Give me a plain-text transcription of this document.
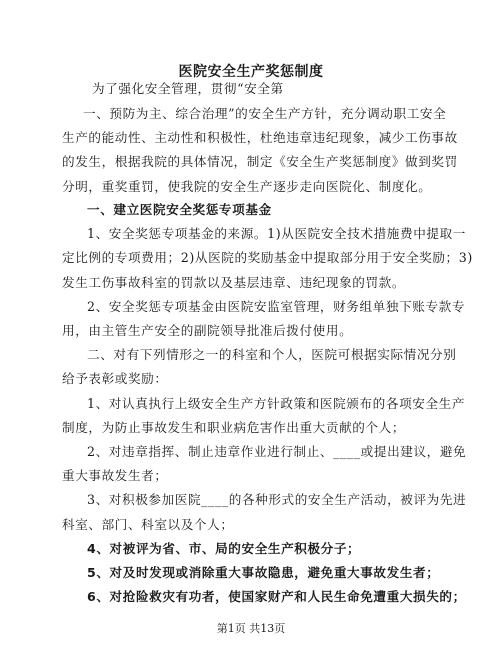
医院安全生产奖惩制度
为了强化安全管理，贯彻“安全第
一、预防为主、综合治理”的安全生产方针，充分调动职工安全
生产的能动性、主动性和积极性，杜绝违章违纪现象，减少工伤事故
的发生，根据我院的具体情况，制定《安全生产奖惩制度》做到奖罚
分明，重奖重罚，使我院的安全生产逐步走向医院化、制度化。
一、建立医院安全奖惩专项基金
1、安全奖惩专项基金的来源。1)从医院安全技术措施费中提取一
定比例的专项费用；2)从医院的奖励基金中提取部分用于安全奖励；3)
发生工伤事故科室的罚款以及基层违章、违纪现象的罚款。
2、安全奖惩专项基金由医院安监室管理，财务组单独下账专款专
用，由主管生产安全的副院领导批准后拨付使用。
二、对有下列情形之一的科室和个人，医院可根据实际情况分别
给予表彰或奖励：
1、对认真执行上级安全生产方针政策和医院颁布的各项安全生产
制度，为防止事故发生和职业病危害作出重大贡献的个人；
2、对违章指挥、制止违章作业进行制止、____或提出建议，避免
重大事故发生者；
3、对积极参加医院____的各种形式的安全生产活动，被评为先进
科室、部门、科室以及个人；
4、对被评为省、市、局的安全生产积极分子；
5、对及时发现或消除重大事故隐患，避免重大事故发生者；
6、对抢险救灾有功者，使国家财产和人民生命免遭重大损失的；
第1页 共13页
